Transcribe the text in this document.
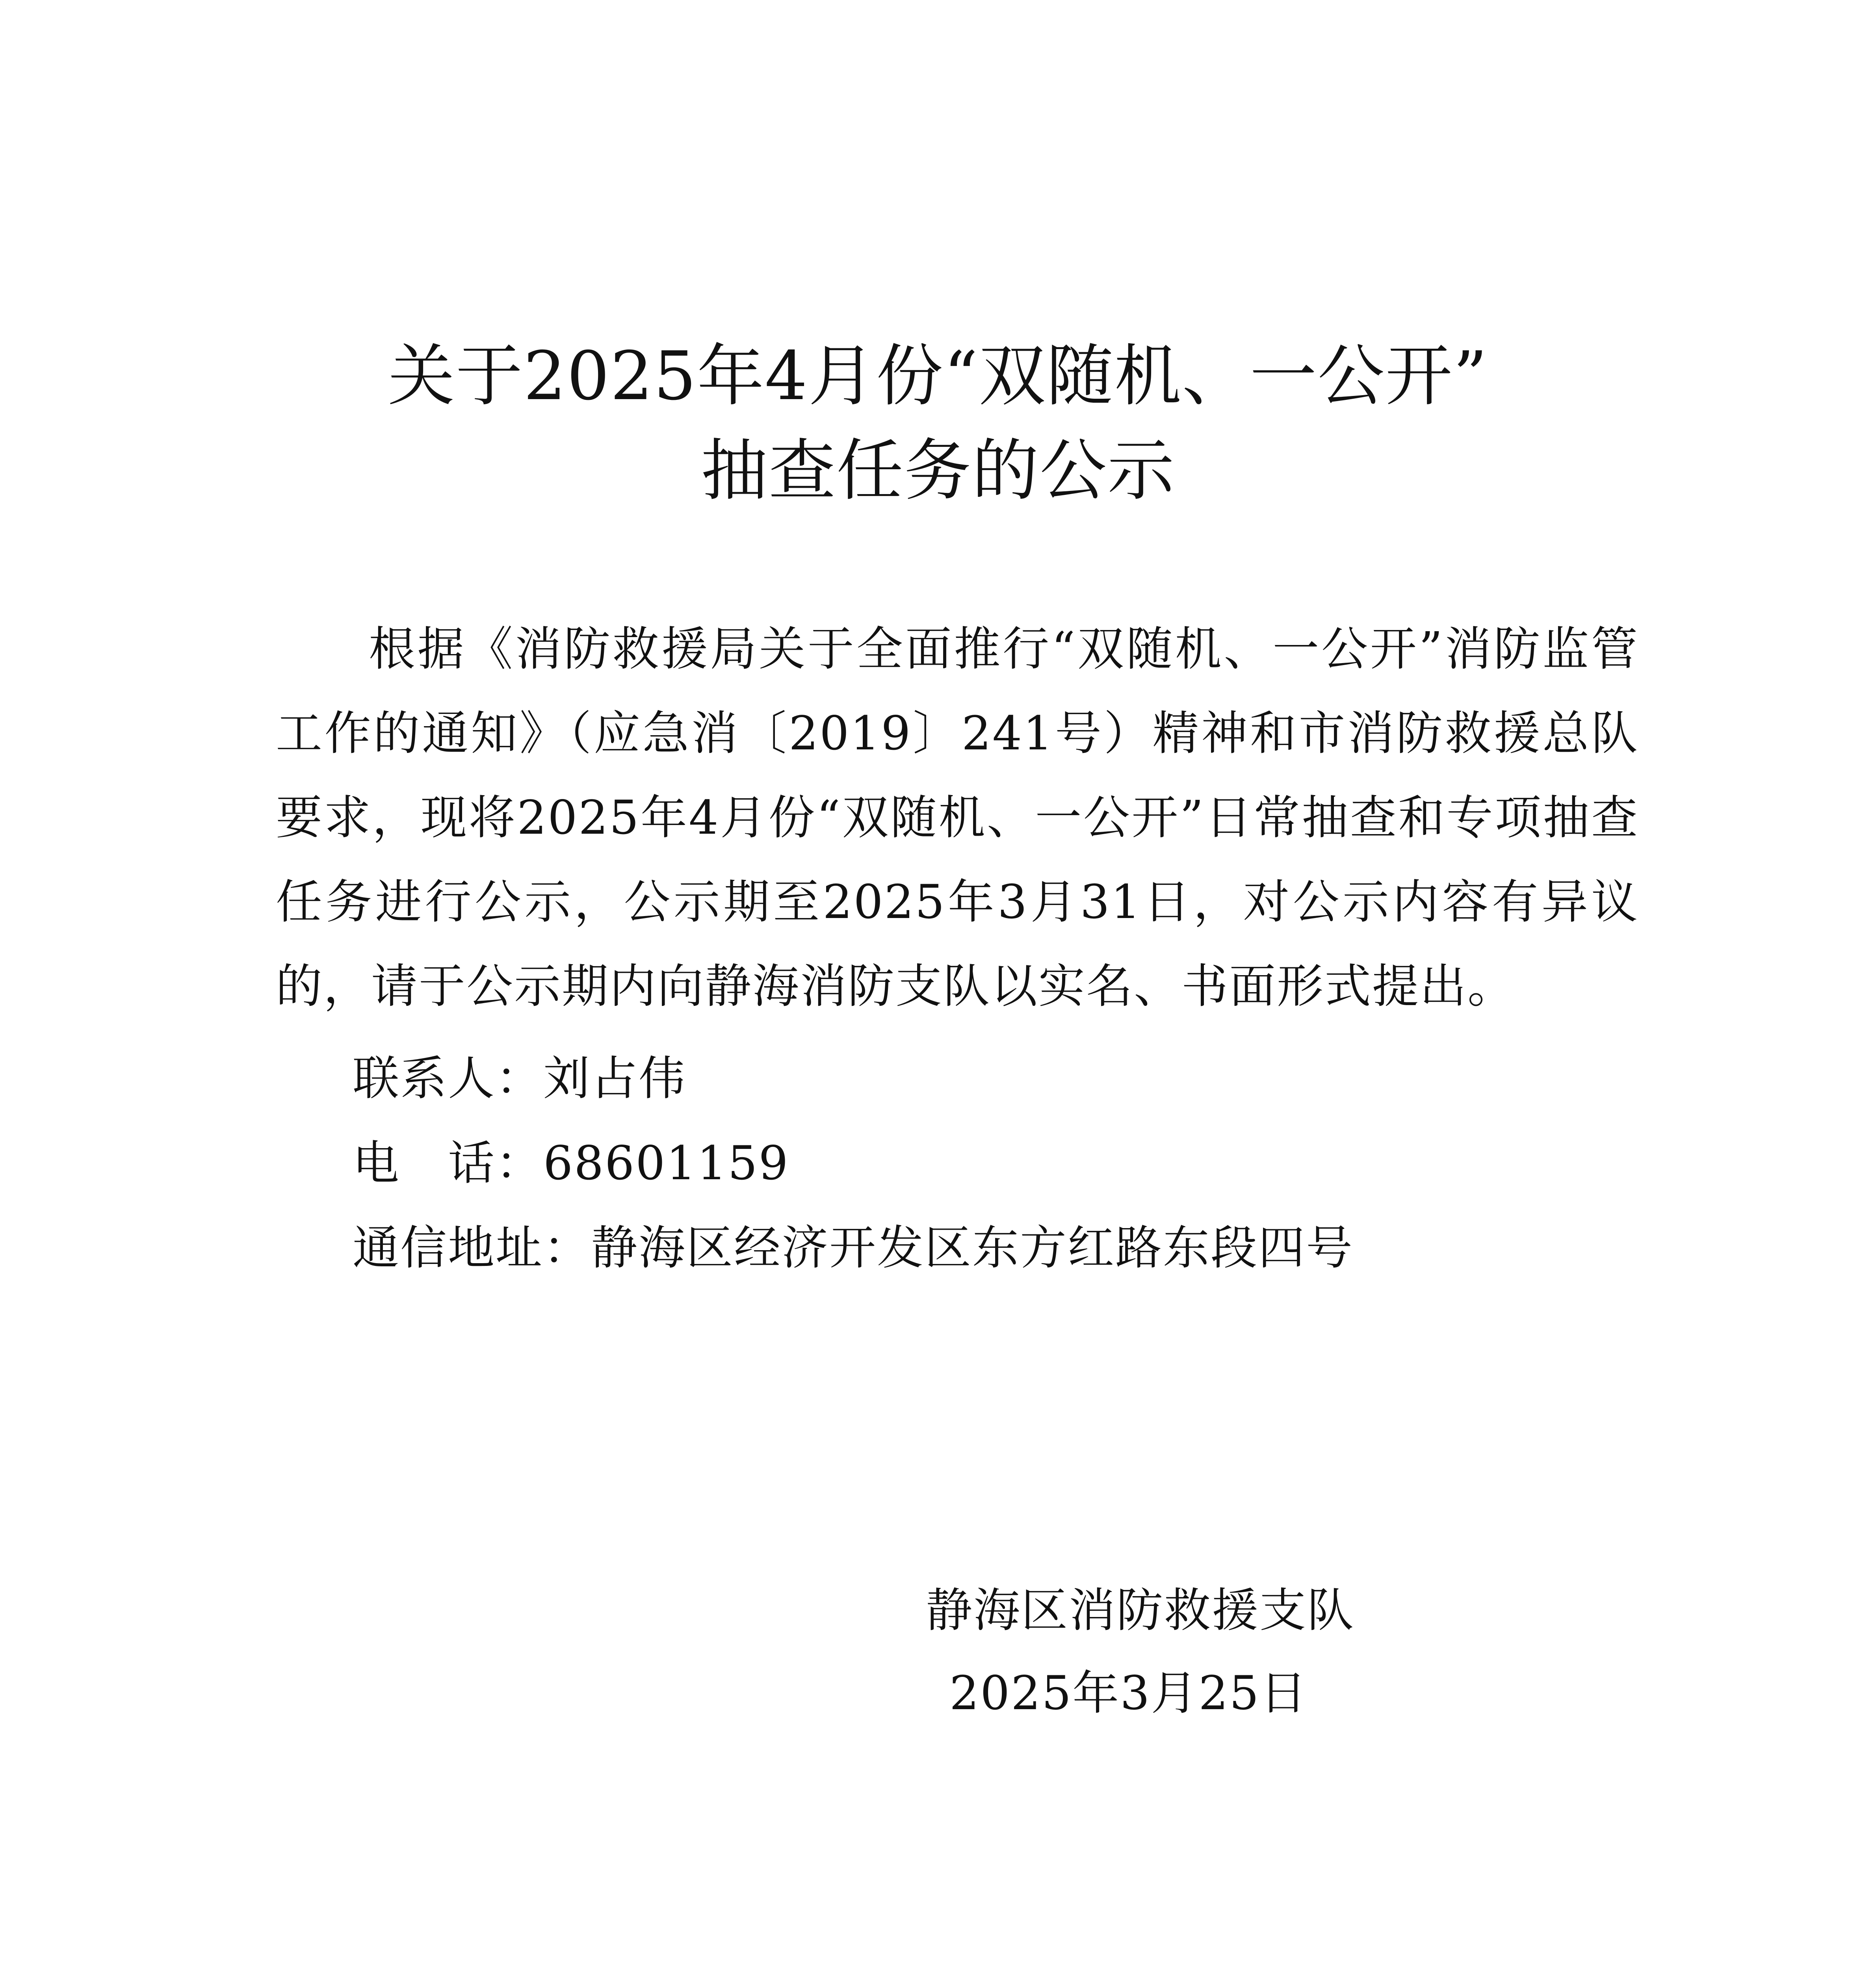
关于2025年4月份“双随机、一公开”
抽查任务的公示
根据《消防救援局关于全面推行“双随机、一公开”消防监管工作的通知》（应急消〔2019〕241号）精神和市消防救援总队要求，现将2025年4月份“双随机、一公开”日常抽查和专项抽查任务进行公示，公示期至2025年3月31日，对公示内容有异议的，请于公示期内向静海消防支队以实名、书面形式提出。
联系人：刘占伟
电　话：68601159
通信地址：静海区经济开发区东方红路东段四号
静海区消防救援支队
2025年3月25日
